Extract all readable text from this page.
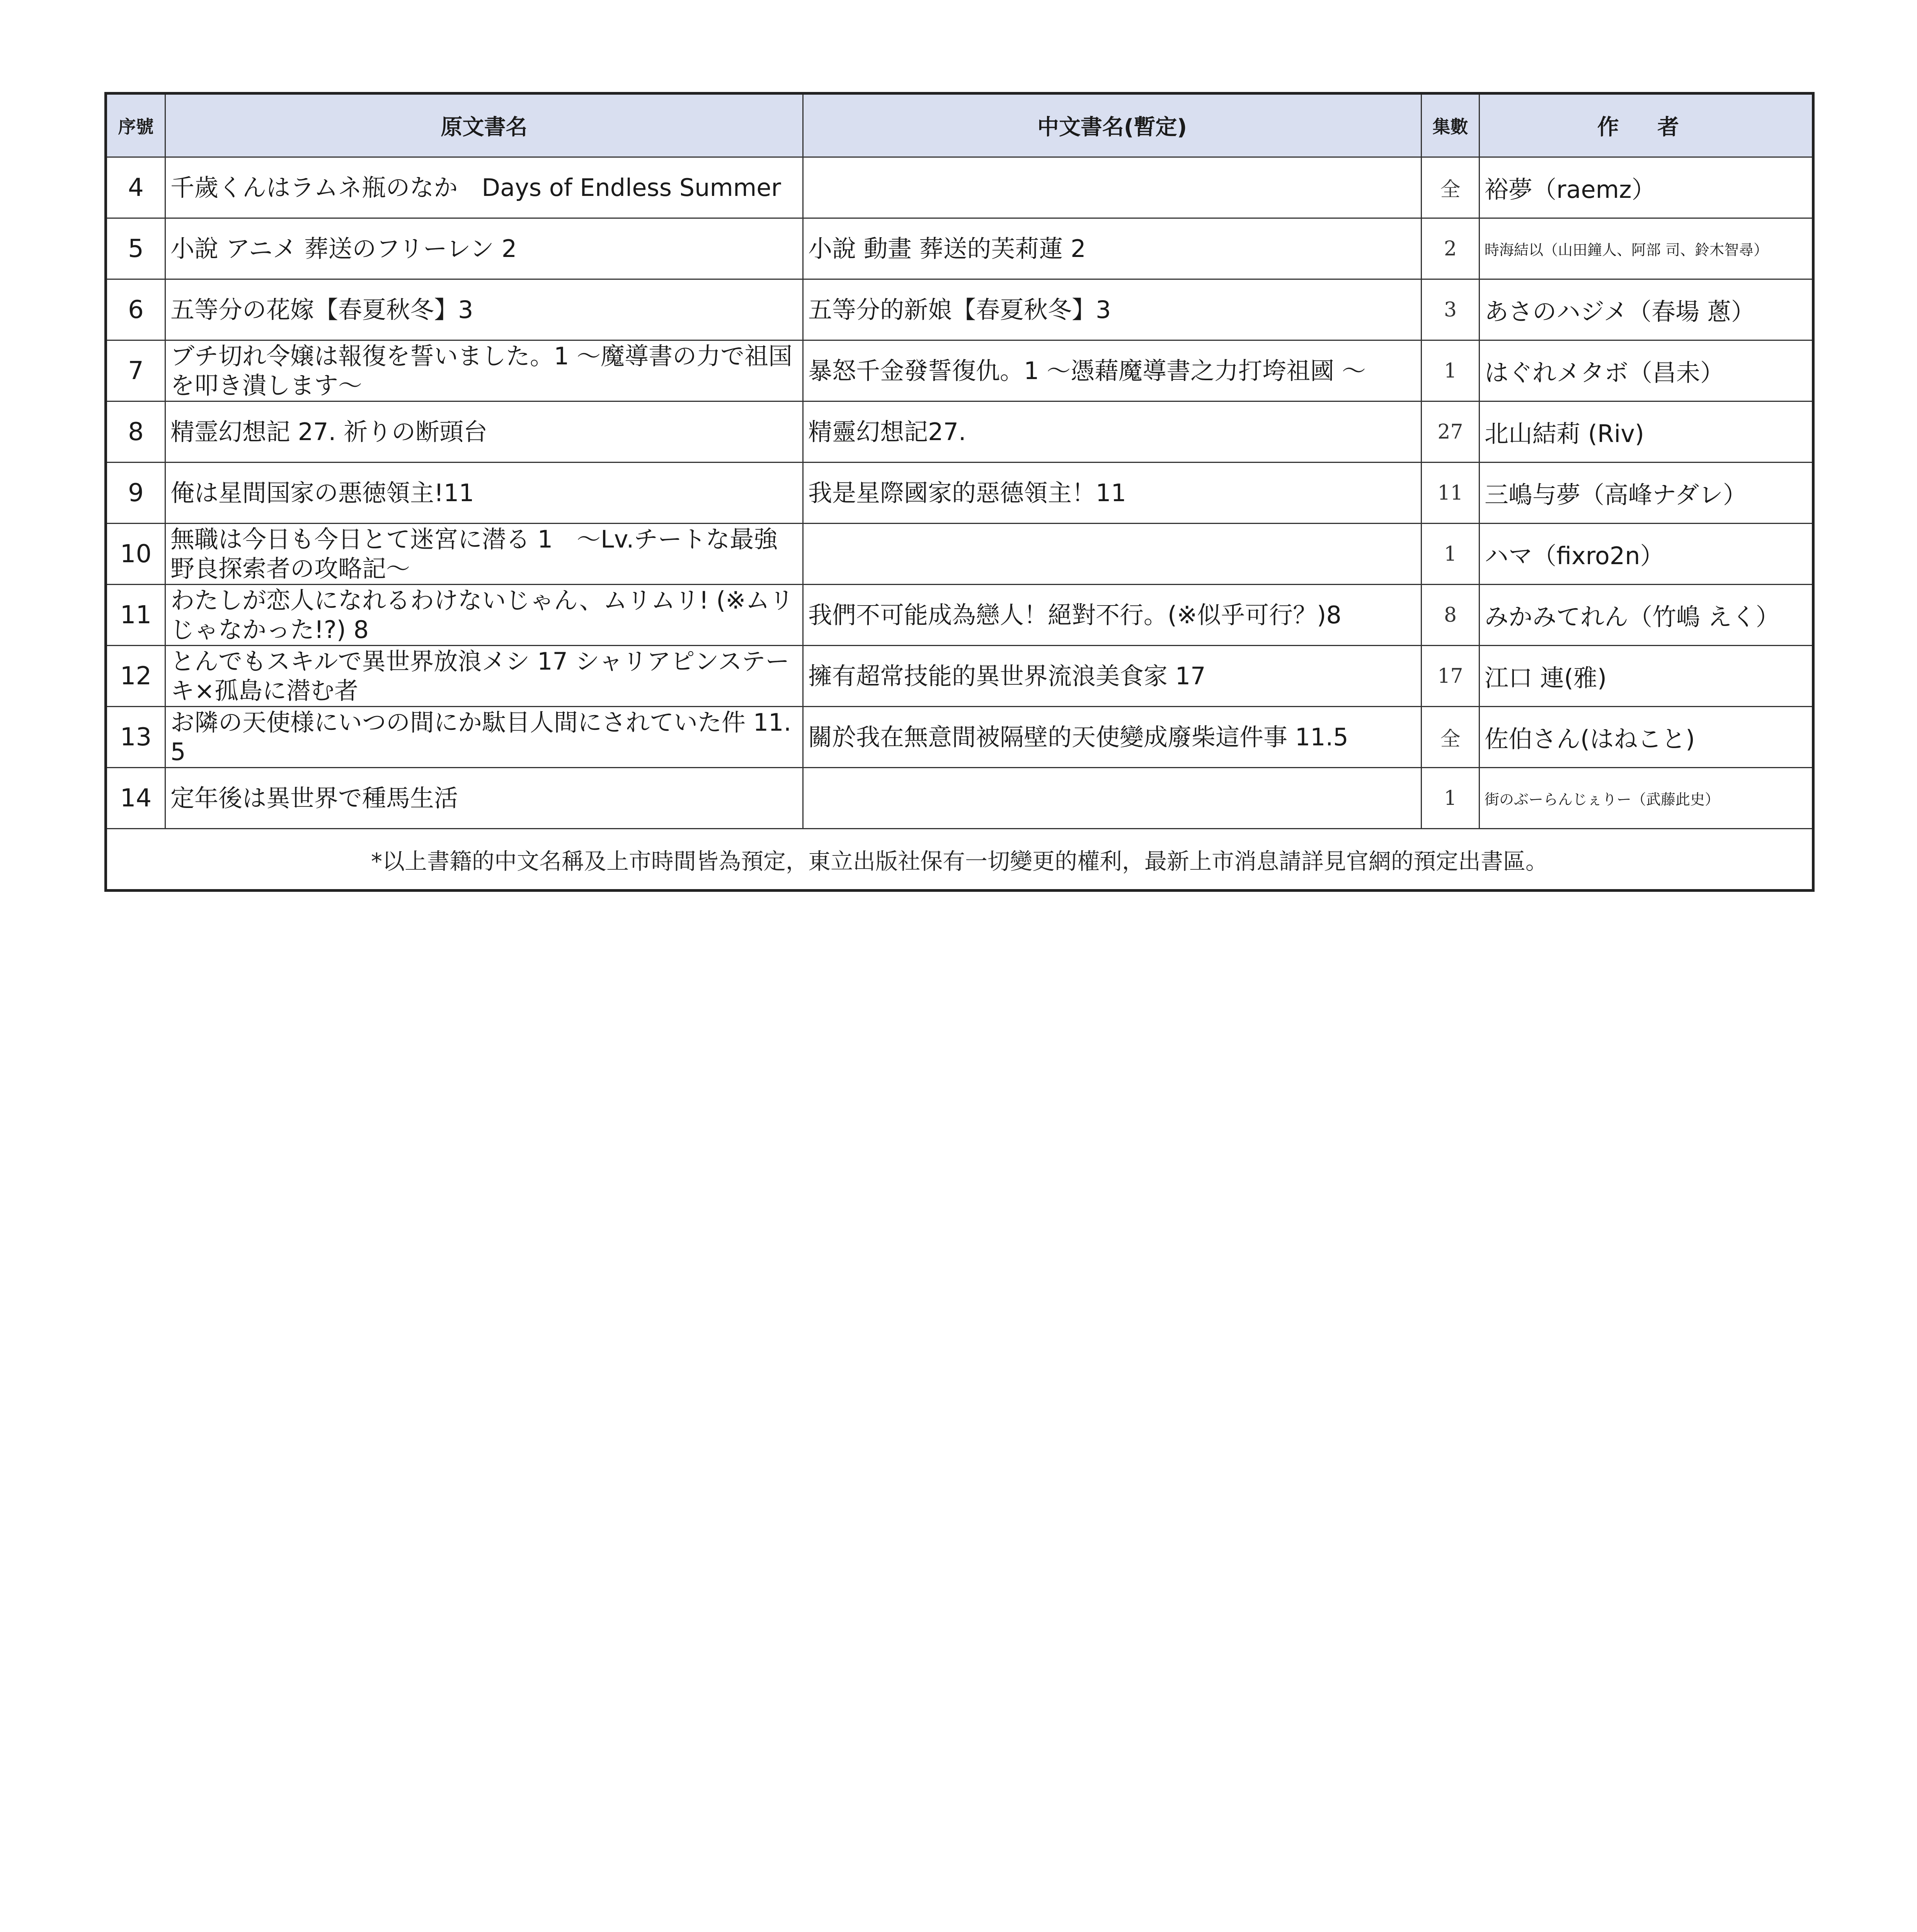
序號	原文書名	中文書名(暫定)	集數	作 者
4	千歲くんはラムネ瓶のなか　Days of Endless Summer		全	裕夢（raemz）
5	小說 アニメ 葬送のフリーレン 2	小說 動畫 葬送的芙莉蓮 2	2	時海結以（山田鐘人、阿部 司、鈴木智尋）
6	五等分の花嫁【春夏秋冬】3	五等分的新娘【春夏秋冬】3	3	あさのハジメ（春場 蔥）
7	ブチ切れ令嬢は報復を誓いました。1 ～魔導書の力で祖国を叩き潰します～	暴怒千金發誓復仇。1 ～憑藉魔導書之力打垮祖國 ～	1	はぐれメタボ（昌未）
8	精霊幻想記 27. 祈りの断頭台	精靈幻想記27.	27	北山結莉 (Riv)
9	俺は星間国家の悪徳領主!11	我是星際國家的惡德領主！11	11	三嶋与夢（高峰ナダレ）
10	無職は今日も今日とて迷宮に潜る 1　～Lv.チートな最強野良探索者の攻略記～		1	ハマ（fixro2n）
11	わたしが恋人になれるわけないじゃん、ムリムリ! (※ムリじゃなかった!?) 8	我們不可能成為戀人！絕對不行。(※似乎可行？)8	8	みかみてれん（竹嶋 えく）
12	とんでもスキルで異世界放浪メシ 17 シャリアピンステーキ×孤島に潜む者	擁有超常技能的異世界流浪美食家 17	17	江口 連(雅)
13	お隣の天使様にいつの間にか駄目人間にされていた件 11.5	關於我在無意間被隔壁的天使變成廢柴這件事 11.5	全	佐伯さん(はねこと)
14	定年後は異世界で種馬生活		1	街のぶーらんじぇりー（武藤此史）
*以上書籍的中文名稱及上市時間皆為預定，東立出版社保有一切變更的權利，最新上市消息請詳見官網的預定出書區。				
